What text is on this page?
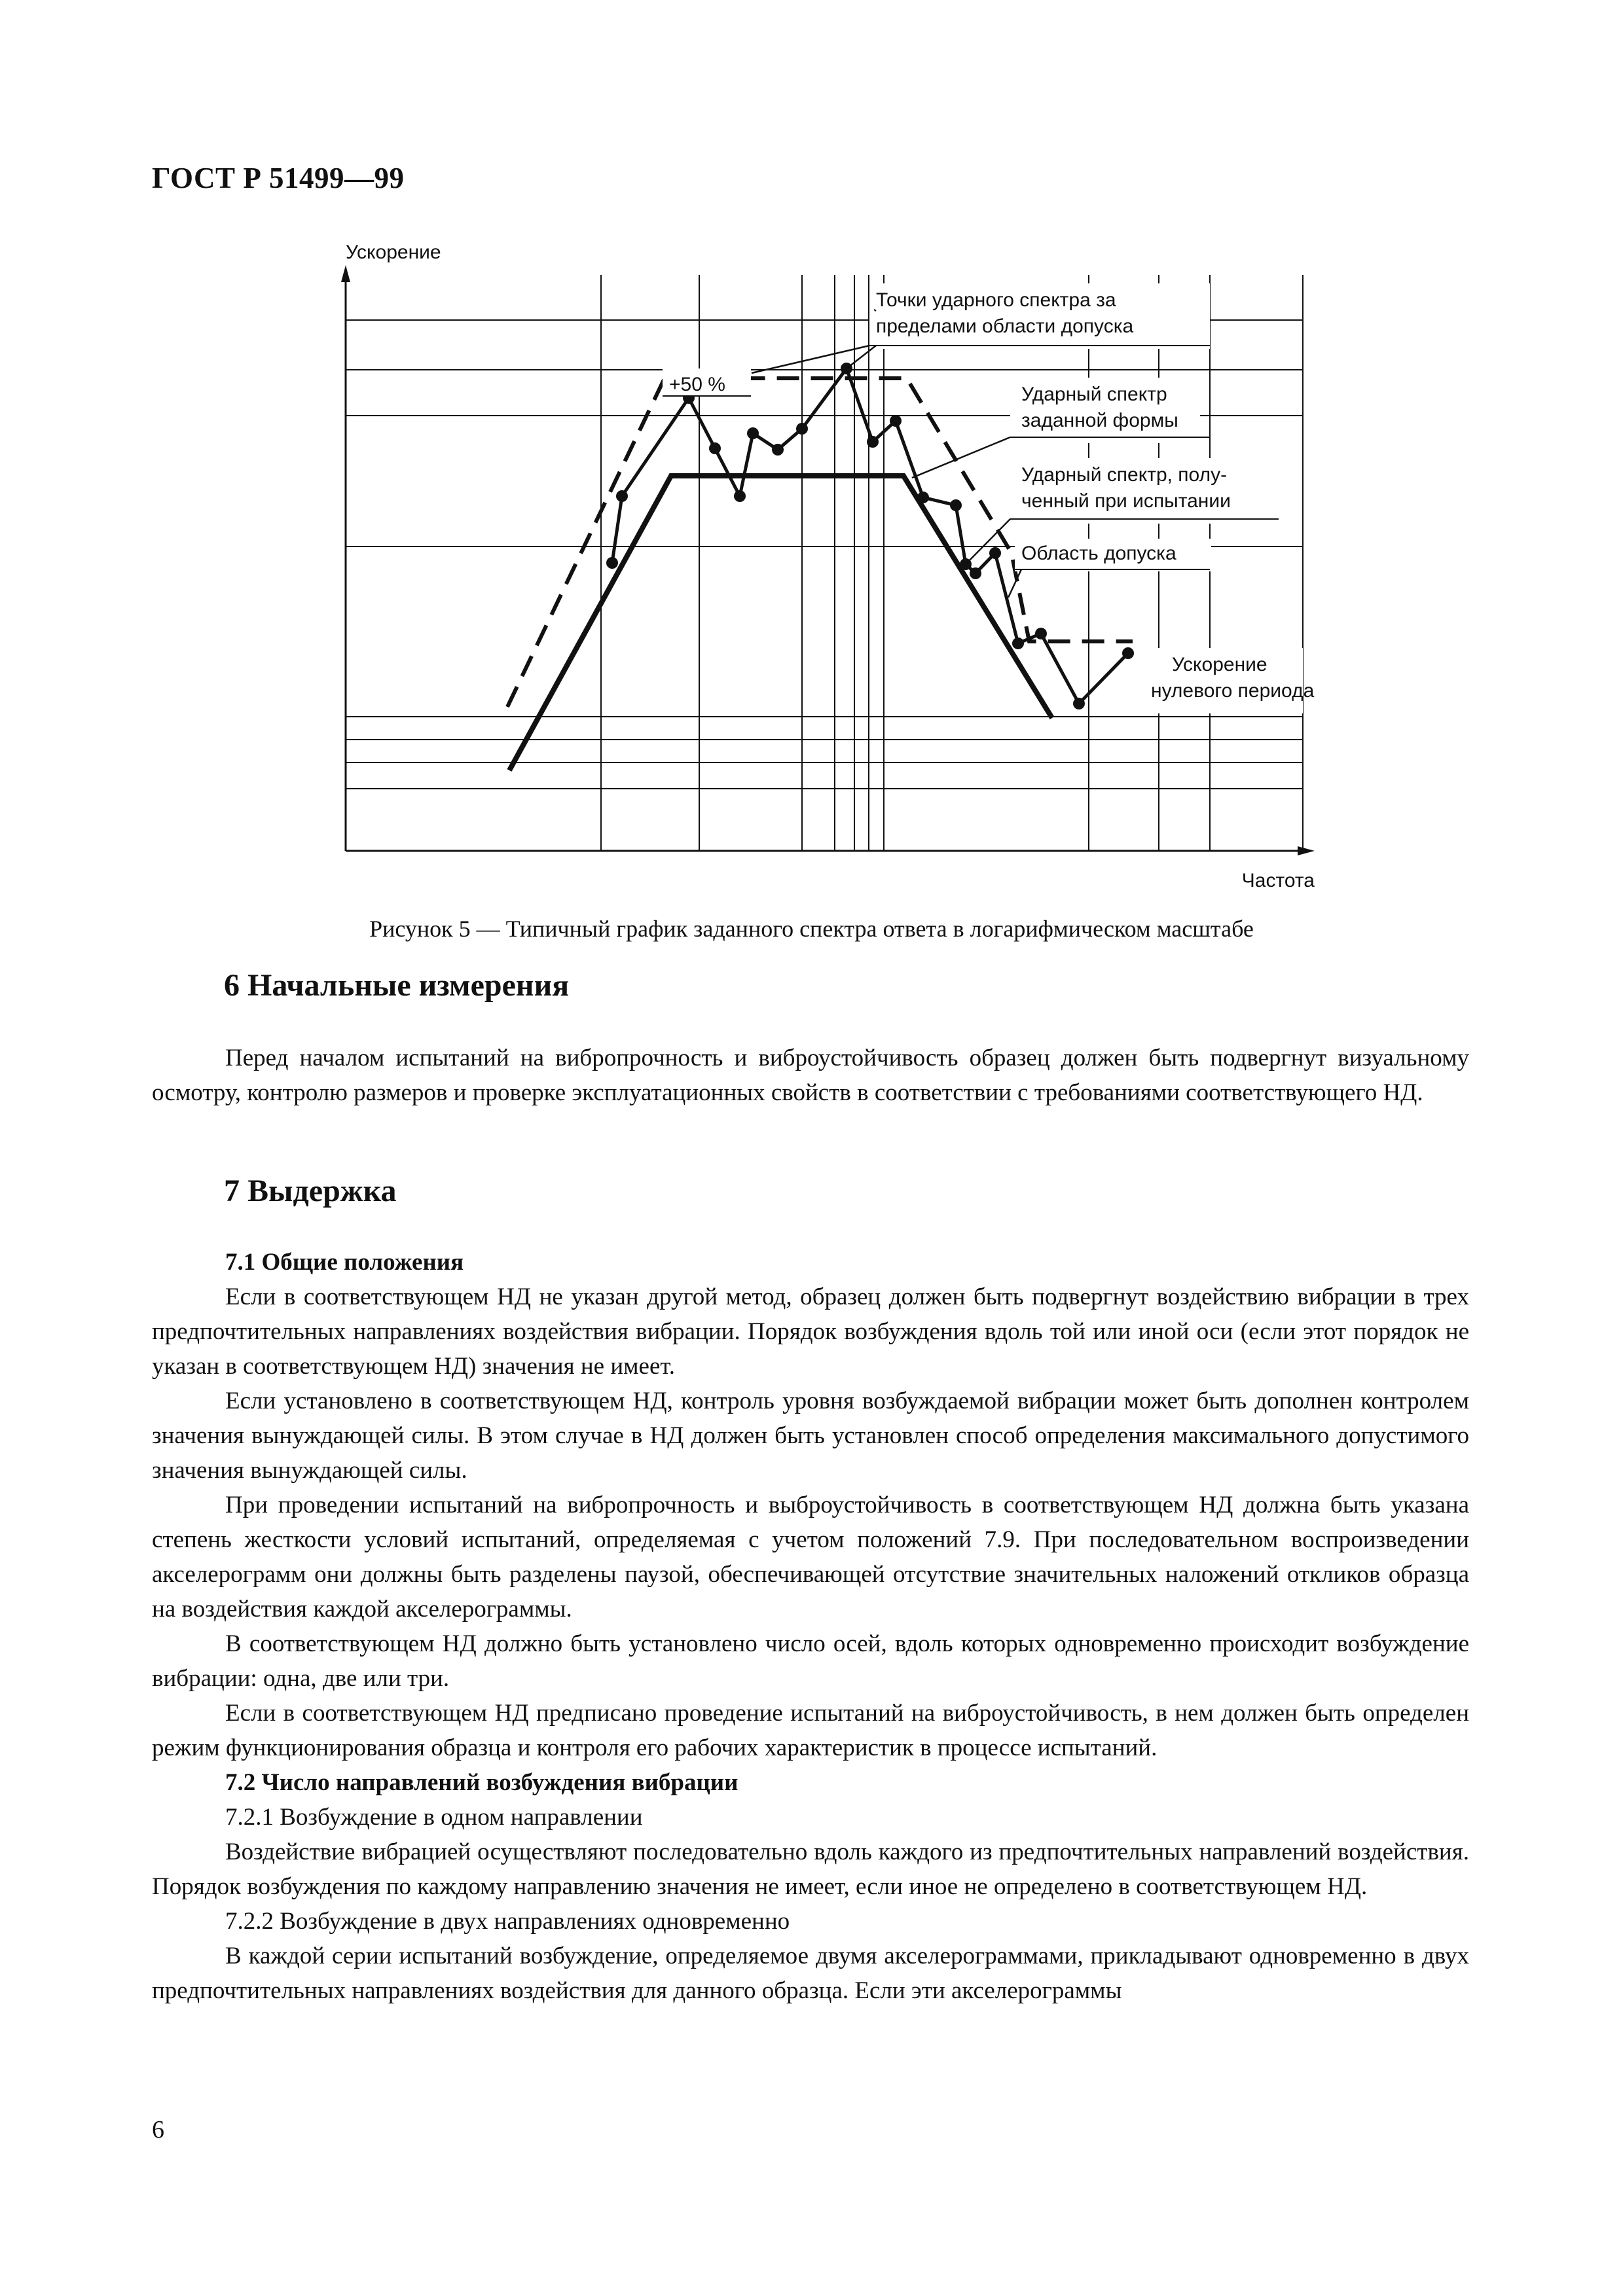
ГОСТ Р 51499—99
Ускорение
Частота
+50 %
Точки ударного спектра за
пределами области допуска
Ударный спектр
заданной формы
Ударный спектр, полу-
ченный при испытании
Область допуска
Ускорение
нулевого периода
Рисунок 5 — Типичный график заданного спектра ответа в логарифмическом масштабе
6 Начальные измерения

Перед началом испытаний на вибропрочность и виброустойчивость образец должен быть подвергнут визуальному осмотру, контролю размеров и проверке эксплуатационных свойств в соответствии с требованиями соответствующего НД.

7 Выдержка

7.1 Общие положения

Если в соответствующем НД не указан другой метод, образец должен быть подвергнут воздействию вибрации в трех предпочтительных направлениях воздействия вибрации. Порядок возбуждения вдоль той или иной оси (если этот порядок не указан в соответствующем НД) значения не имеет.

Если установлено в соответствующем НД, контроль уровня возбуждаемой вибрации может быть дополнен контролем значения вынуждающей силы. В этом случае в НД должен быть установлен способ определения максимального допустимого значения вынуждающей силы.

При проведении испытаний на вибропрочность и выброустойчивость в соответствующем НД должна быть указана степень жесткости условий испытаний, определяемая с учетом положений 7.9. При последовательном воспроизведении акселерограмм они должны быть разделены паузой, обеспечивающей отсутствие значительных наложений откликов образца на воздействия каждой акселерограммы.

В соответствующем НД должно быть установлено число осей, вдоль которых одновременно происходит возбуждение вибрации: одна, две или три.

Если в соответствующем НД предписано проведение испытаний на виброустойчивость, в нем должен быть определен режим функционирования образца и контроля его рабочих характеристик в процессе испытаний.

7.2 Число направлений возбуждения вибрации

7.2.1 Возбуждение в одном направлении

Воздействие вибрацией осуществляют последовательно вдоль каждого из предпочтительных направлений воздействия. Порядок возбуждения по каждому направлению значения не имеет, если иное не определено в соответствующем НД.

7.2.2 Возбуждение в двух направлениях одновременно

В каждой серии испытаний возбуждение, определяемое двумя акселерограммами, прикладывают одновременно в двух предпочтительных направлениях воздействия для данного образца. Если эти акселерограммы

6
